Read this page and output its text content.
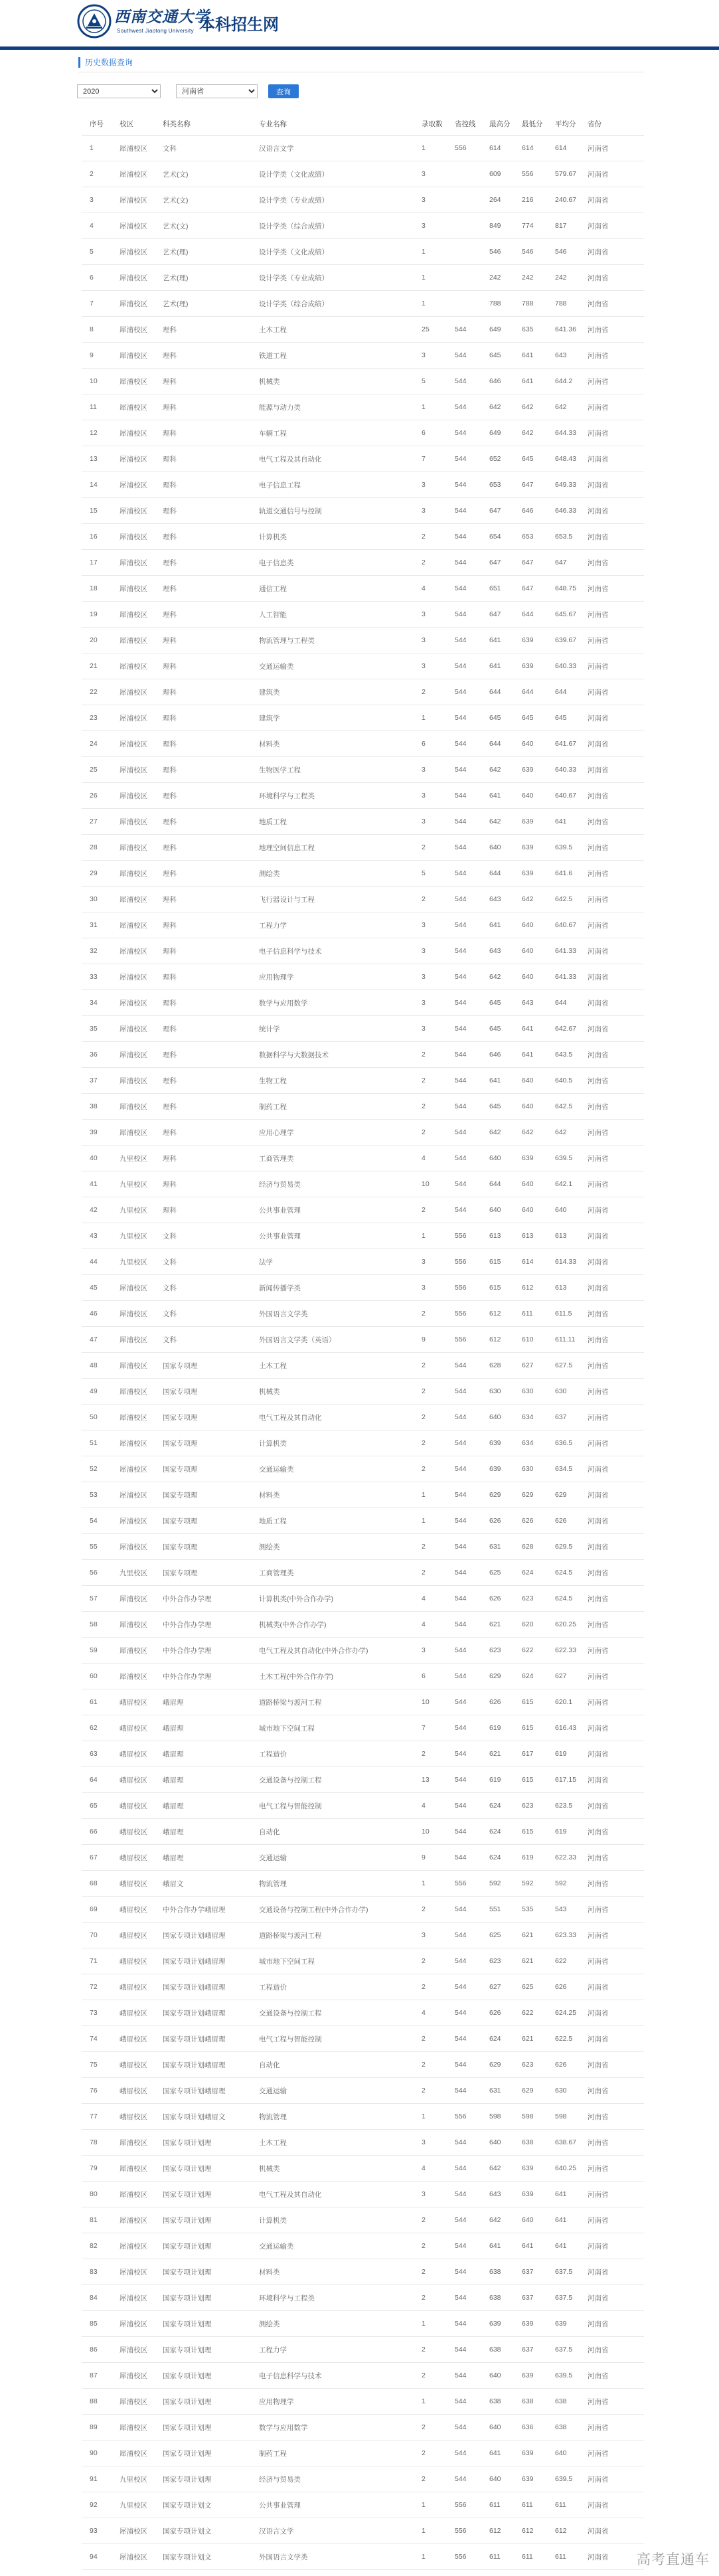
西南交通大学
Southwest Jiaotong University 本科招生网
历史数据查询
2020
河南省
查询
序号	校区	科类名称	专业名称	录取数	省控线	最高分	最低分	平均分	省份
1	犀浦校区	文科	汉语言文学	1	556	614	614	614	河南省
2	犀浦校区	艺术(文)	设计学类（文化成绩）	3		609	556	579.67	河南省
3	犀浦校区	艺术(文)	设计学类（专业成绩）	3		264	216	240.67	河南省
4	犀浦校区	艺术(文)	设计学类（综合成绩）	3		849	774	817	河南省
5	犀浦校区	艺术(理)	设计学类（文化成绩）	1		546	546	546	河南省
6	犀浦校区	艺术(理)	设计学类（专业成绩）	1		242	242	242	河南省
7	犀浦校区	艺术(理)	设计学类（综合成绩）	1		788	788	788	河南省
8	犀浦校区	理科	土木工程	25	544	649	635	641.36	河南省
9	犀浦校区	理科	铁道工程	3	544	645	641	643	河南省
10	犀浦校区	理科	机械类	5	544	646	641	644.2	河南省
11	犀浦校区	理科	能源与动力类	1	544	642	642	642	河南省
12	犀浦校区	理科	车辆工程	6	544	649	642	644.33	河南省
13	犀浦校区	理科	电气工程及其自动化	7	544	652	645	648.43	河南省
14	犀浦校区	理科	电子信息工程	3	544	653	647	649.33	河南省
15	犀浦校区	理科	轨道交通信号与控制	3	544	647	646	646.33	河南省
16	犀浦校区	理科	计算机类	2	544	654	653	653.5	河南省
17	犀浦校区	理科	电子信息类	2	544	647	647	647	河南省
18	犀浦校区	理科	通信工程	4	544	651	647	648.75	河南省
19	犀浦校区	理科	人工智能	3	544	647	644	645.67	河南省
20	犀浦校区	理科	物流管理与工程类	3	544	641	639	639.67	河南省
21	犀浦校区	理科	交通运输类	3	544	641	639	640.33	河南省
22	犀浦校区	理科	建筑类	2	544	644	644	644	河南省
23	犀浦校区	理科	建筑学	1	544	645	645	645	河南省
24	犀浦校区	理科	材料类	6	544	644	640	641.67	河南省
25	犀浦校区	理科	生物医学工程	3	544	642	639	640.33	河南省
26	犀浦校区	理科	环境科学与工程类	3	544	641	640	640.67	河南省
27	犀浦校区	理科	地质工程	3	544	642	639	641	河南省
28	犀浦校区	理科	地理空间信息工程	2	544	640	639	639.5	河南省
29	犀浦校区	理科	测绘类	5	544	644	639	641.6	河南省
30	犀浦校区	理科	飞行器设计与工程	2	544	643	642	642.5	河南省
31	犀浦校区	理科	工程力学	3	544	641	640	640.67	河南省
32	犀浦校区	理科	电子信息科学与技术	3	544	643	640	641.33	河南省
33	犀浦校区	理科	应用物理学	3	544	642	640	641.33	河南省
34	犀浦校区	理科	数学与应用数学	3	544	645	643	644	河南省
35	犀浦校区	理科	统计学	3	544	645	641	642.67	河南省
36	犀浦校区	理科	数据科学与大数据技术	2	544	646	641	643.5	河南省
37	犀浦校区	理科	生物工程	2	544	641	640	640.5	河南省
38	犀浦校区	理科	制药工程	2	544	645	640	642.5	河南省
39	犀浦校区	理科	应用心理学	2	544	642	642	642	河南省
40	九里校区	理科	工商管理类	4	544	640	639	639.5	河南省
41	九里校区	理科	经济与贸易类	10	544	644	640	642.1	河南省
42	九里校区	理科	公共事业管理	2	544	640	640	640	河南省
43	九里校区	文科	公共事业管理	1	556	613	613	613	河南省
44	九里校区	文科	法学	3	556	615	614	614.33	河南省
45	犀浦校区	文科	新闻传播学类	3	556	615	612	613	河南省
46	犀浦校区	文科	外国语言文学类	2	556	612	611	611.5	河南省
47	犀浦校区	文科	外国语言文学类（英语）	9	556	612	610	611.11	河南省
48	犀浦校区	国家专项理	土木工程	2	544	628	627	627.5	河南省
49	犀浦校区	国家专项理	机械类	2	544	630	630	630	河南省
50	犀浦校区	国家专项理	电气工程及其自动化	2	544	640	634	637	河南省
51	犀浦校区	国家专项理	计算机类	2	544	639	634	636.5	河南省
52	犀浦校区	国家专项理	交通运输类	2	544	639	630	634.5	河南省
53	犀浦校区	国家专项理	材料类	1	544	629	629	629	河南省
54	犀浦校区	国家专项理	地质工程	1	544	626	626	626	河南省
55	犀浦校区	国家专项理	测绘类	2	544	631	628	629.5	河南省
56	九里校区	国家专项理	工商管理类	2	544	625	624	624.5	河南省
57	犀浦校区	中外合作办学理	计算机类(中外合作办学)	4	544	626	623	624.5	河南省
58	犀浦校区	中外合作办学理	机械类(中外合作办学)	4	544	621	620	620.25	河南省
59	犀浦校区	中外合作办学理	电气工程及其自动化(中外合作办学)	3	544	623	622	622.33	河南省
60	犀浦校区	中外合作办学理	土木工程(中外合作办学)	6	544	629	624	627	河南省
61	峨眉校区	峨眉理	道路桥梁与渡河工程	10	544	626	615	620.1	河南省
62	峨眉校区	峨眉理	城市地下空间工程	7	544	619	615	616.43	河南省
63	峨眉校区	峨眉理	工程造价	2	544	621	617	619	河南省
64	峨眉校区	峨眉理	交通设备与控制工程	13	544	619	615	617.15	河南省
65	峨眉校区	峨眉理	电气工程与智能控制	4	544	624	623	623.5	河南省
66	峨眉校区	峨眉理	自动化	10	544	624	615	619	河南省
67	峨眉校区	峨眉理	交通运输	9	544	624	619	622.33	河南省
68	峨眉校区	峨眉文	物流管理	1	556	592	592	592	河南省
69	峨眉校区	中外合作办学峨眉理	交通设备与控制工程(中外合作办学)	2	544	551	535	543	河南省
70	峨眉校区	国家专项计划峨眉理	道路桥梁与渡河工程	3	544	625	621	623.33	河南省
71	峨眉校区	国家专项计划峨眉理	城市地下空间工程	2	544	623	621	622	河南省
72	峨眉校区	国家专项计划峨眉理	工程造价	2	544	627	625	626	河南省
73	峨眉校区	国家专项计划峨眉理	交通设备与控制工程	4	544	626	622	624.25	河南省
74	峨眉校区	国家专项计划峨眉理	电气工程与智能控制	2	544	624	621	622.5	河南省
75	峨眉校区	国家专项计划峨眉理	自动化	2	544	629	623	626	河南省
76	峨眉校区	国家专项计划峨眉理	交通运输	2	544	631	629	630	河南省
77	峨眉校区	国家专项计划峨眉文	物流管理	1	556	598	598	598	河南省
78	犀浦校区	国家专项计划理	土木工程	3	544	640	638	638.67	河南省
79	犀浦校区	国家专项计划理	机械类	4	544	642	639	640.25	河南省
80	犀浦校区	国家专项计划理	电气工程及其自动化	3	544	643	639	641	河南省
81	犀浦校区	国家专项计划理	计算机类	2	544	642	640	641	河南省
82	犀浦校区	国家专项计划理	交通运输类	2	544	641	641	641	河南省
83	犀浦校区	国家专项计划理	材料类	2	544	638	637	637.5	河南省
84	犀浦校区	国家专项计划理	环境科学与工程类	2	544	638	637	637.5	河南省
85	犀浦校区	国家专项计划理	测绘类	1	544	639	639	639	河南省
86	犀浦校区	国家专项计划理	工程力学	2	544	638	637	637.5	河南省
87	犀浦校区	国家专项计划理	电子信息科学与技术	2	544	640	639	639.5	河南省
88	犀浦校区	国家专项计划理	应用物理学	1	544	638	638	638	河南省
89	犀浦校区	国家专项计划理	数学与应用数学	2	544	640	636	638	河南省
90	犀浦校区	国家专项计划理	制药工程	2	544	641	639	640	河南省
91	九里校区	国家专项计划理	经济与贸易类	2	544	640	639	639.5	河南省
92	九里校区	国家专项计划文	公共事业管理	1	556	611	611	611	河南省
93	犀浦校区	国家专项计划文	汉语言文学	1	556	612	612	612	河南省
94	犀浦校区	国家专项计划文	外国语言文学类	1	556	611	611	611	河南省 高考直通车
